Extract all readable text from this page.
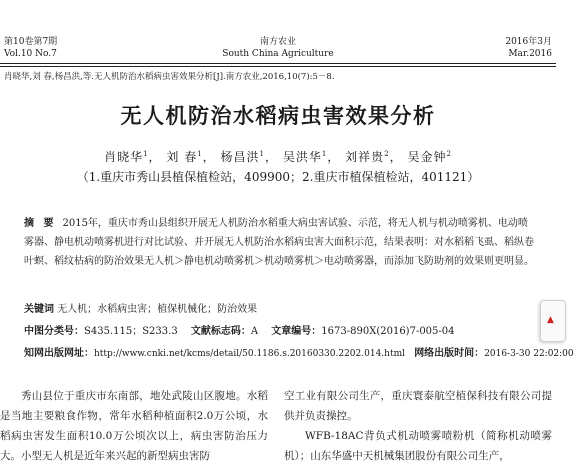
第10卷第7期
Vol.10 No.7
南方农业
South China Agriculture
2016年3月
Mar.2016
肖晓华,刘 春,杨昌洪,等.无人机防治水稻病虫害效果分析[J].南方农业,2016,10(7):5－8.
无人机防治水稻病虫害效果分析
肖晓华$^1$， 刘 春$^1$， 杨昌洪$^1$， 吴洪华$^1$， 刘祥贵$^2$， 吴金钟$^2$
（1.重庆市秀山县植保植检站，409900；2.重庆市植保植检站，401121）
摘 要 2015年，重庆市秀山县组织开展无人机防治水稻重大病虫害试验、示范，将无人机与机动喷雾机、电动喷雾器、静电机动喷雾机进行对比试验、并开展无人机防治水稻病虫害大面积示范，结果表明：对水稻稻飞虱、稻纵卷叶螟、稻纹枯病的防治效果无人机＞静电机动喷雾机＞机动喷雾机＞电动喷雾器，而添加飞防助剂的效果则更明显。
关键词 无人机；水稻病虫害；植保机械化；防治效果
中图分类号：S435.115；S233.3 文献标志码：A 文章编号：1673-890X(2016)7-005-04
知网出版网址：http://www.cnki.net/kcms/detail/50.1186.s.20160330.2202.014.html 网络出版时间：2016-3-30 22:02:00

秀山县位于重庆市东南部，地处武陵山区腹地。水稻是当地主要粮食作物，常年水稻种植面积2.0万公顷，水稻病虫害发生面积10.0万公顷次以上，病虫害防治压力大。小型无人机是近年来兴起的新型病虫害防

空工业有限公司生产，重庆寰泰航空植保科技有限公司提供并负责操控。

WFB-18AC背负式机动喷雾喷粉机（简称机动喷雾机）；山东华盛中天机械集团股份有限公司生产，

▲
